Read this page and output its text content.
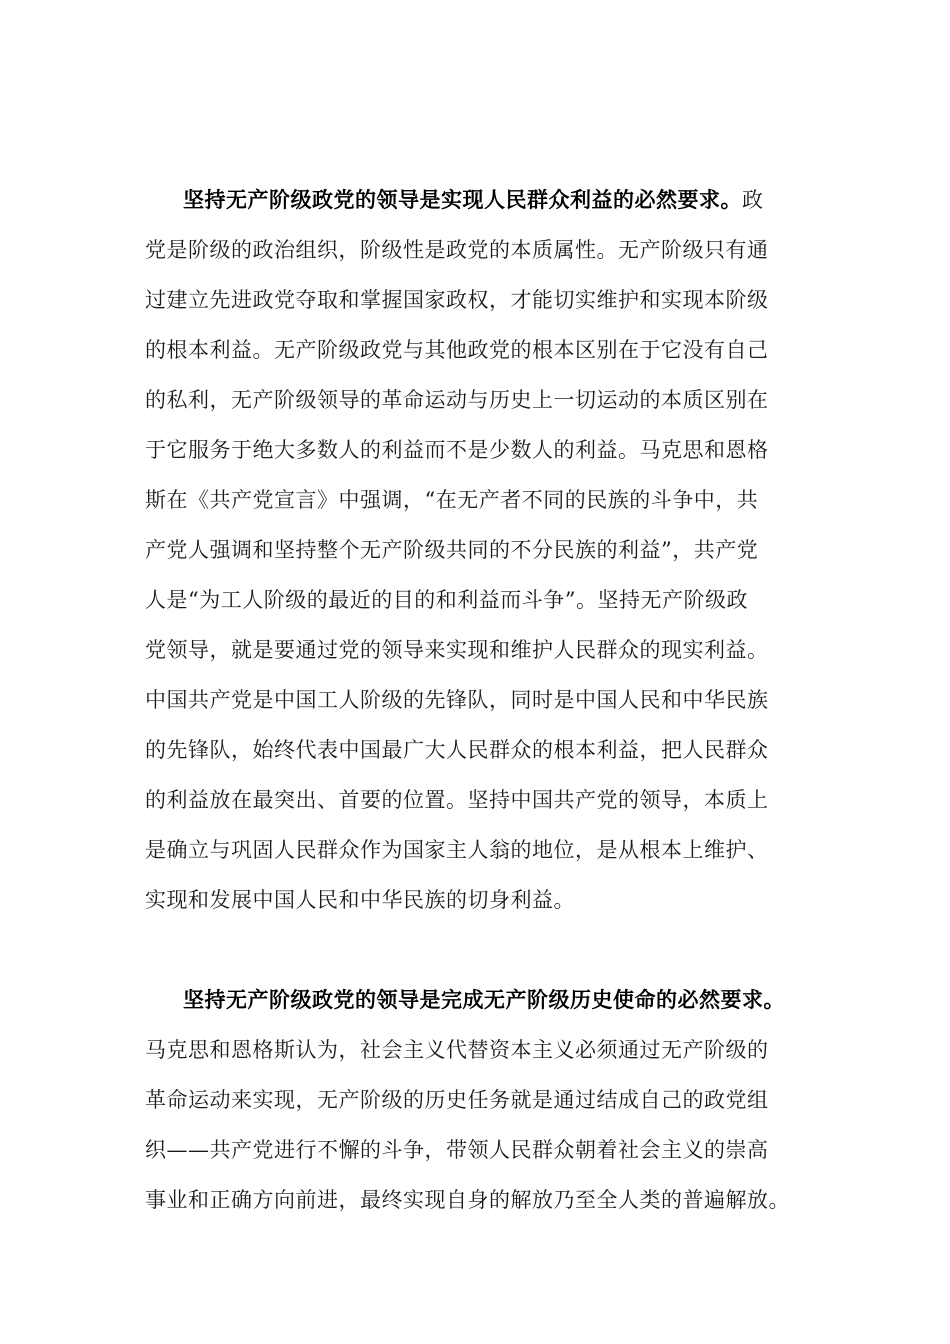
坚持无产阶级政党的领导是实现人民群众利益的必然要求。政
党是阶级的政治组织，阶级性是政党的本质属性。无产阶级只有通
过建立先进政党夺取和掌握国家政权，才能切实维护和实现本阶级
的根本利益。无产阶级政党与其他政党的根本区别在于它没有自己
的私利，无产阶级领导的革命运动与历史上一切运动的本质区别在
于它服务于绝大多数人的利益而不是少数人的利益。马克思和恩格
斯在《共产党宣言》中强调，“在无产者不同的民族的斗争中，共
产党人强调和坚持整个无产阶级共同的不分民族的利益”，共产党
人是“为工人阶级的最近的目的和利益而斗争”。坚持无产阶级政
党领导，就是要通过党的领导来实现和维护人民群众的现实利益。
中国共产党是中国工人阶级的先锋队，同时是中国人民和中华民族
的先锋队，始终代表中国最广大人民群众的根本利益，把人民群众
的利益放在最突出、首要的位置。坚持中国共产党的领导，本质上
是确立与巩固人民群众作为国家主人翁的地位，是从根本上维护、
实现和发展中国人民和中华民族的切身利益。
坚持无产阶级政党的领导是完成无产阶级历史使命的必然要求。
马克思和恩格斯认为，社会主义代替资本主义必须通过无产阶级的
革命运动来实现，无产阶级的历史任务就是通过结成自己的政党组
织——共产党进行不懈的斗争，带领人民群众朝着社会主义的崇高
事业和正确方向前进，最终实现自身的解放乃至全人类的普遍解放。
